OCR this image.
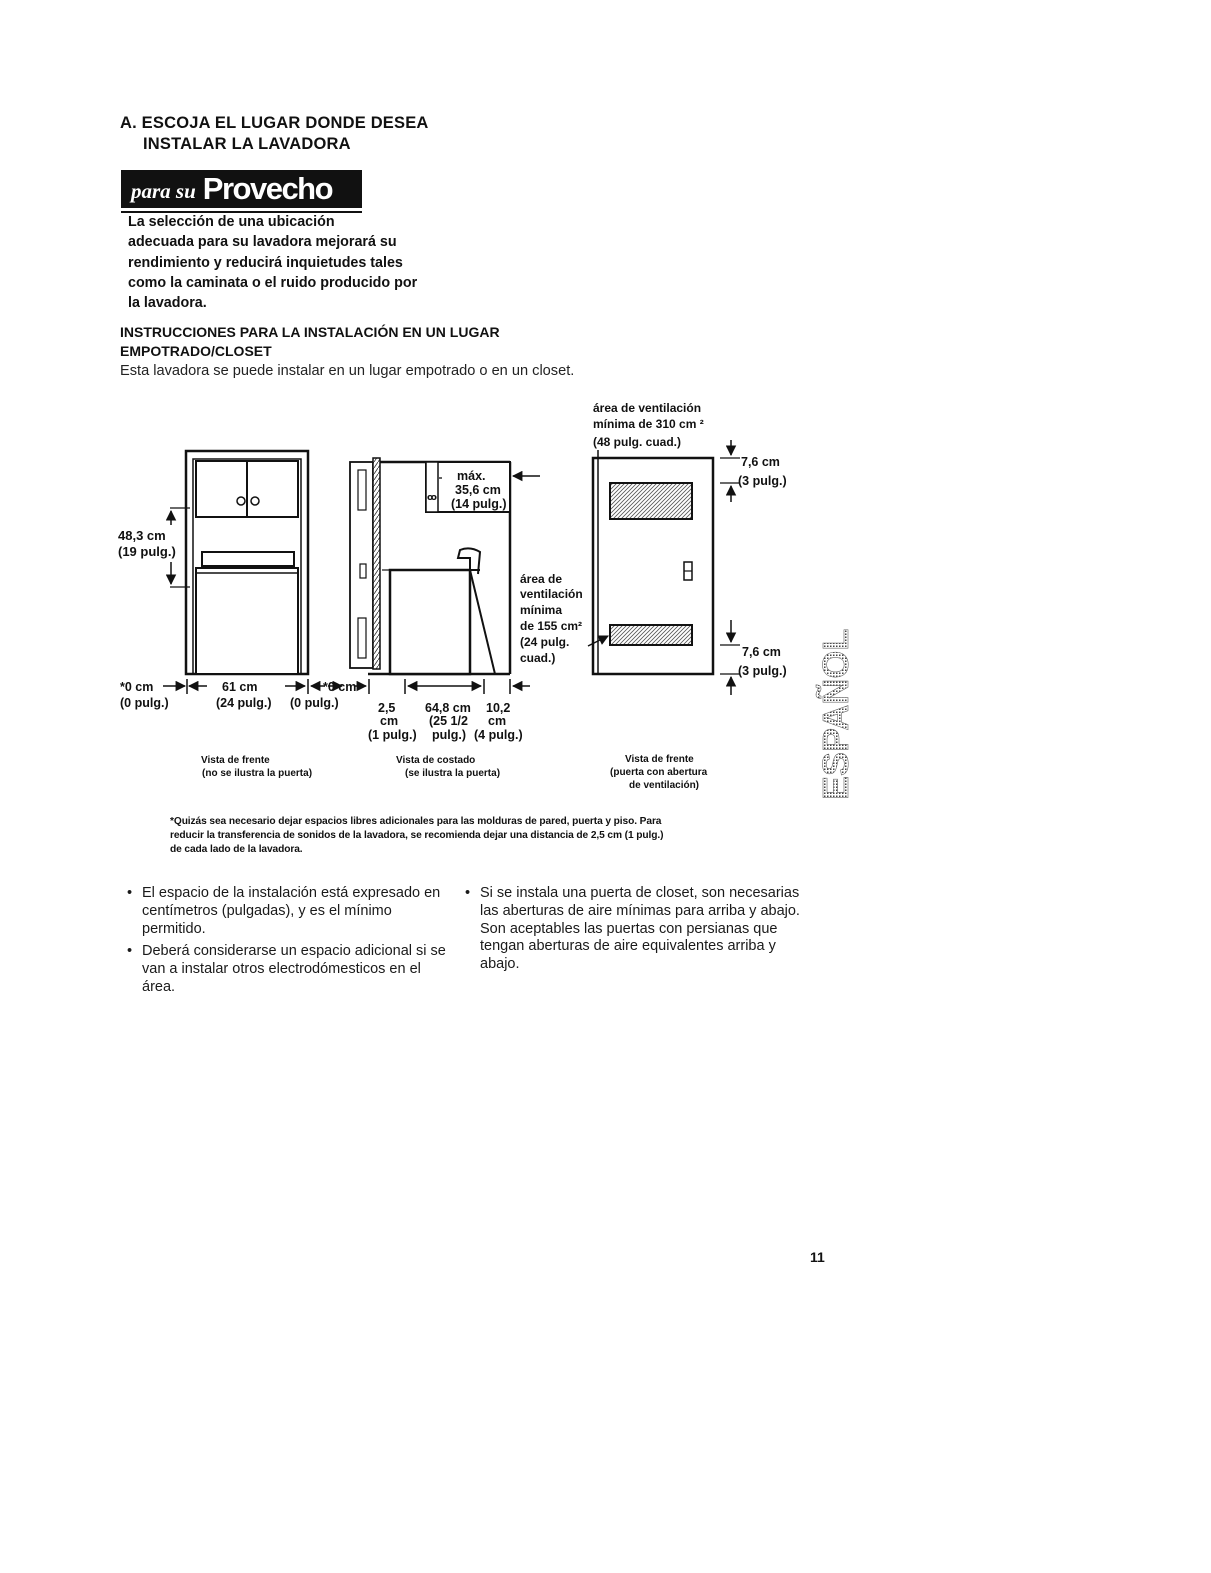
A. ESCOJA EL LUGAR DONDE DESEA
INSTALAR LA LAVADORA
para su Provecho
La selección de una ubicación
adecuada para su lavadora mejorará su
rendimiento y reducirá inquietudes tales
como la caminata o el ruido producido por
la lavadora.
INSTRUCCIONES PARA LA INSTALACIÓN EN UN LUGAR
EMPOTRADO/CLOSET
Esta lavadora se puede instalar en un lugar empotrado o en un closet.
48,3 cm
(19 pulg.)
*0 cm
(0 pulg.)
61 cm
(24 pulg.) (0 pulg.)
Vista de frente
(no se ilustra la puerta)
*0 cm
ꝏ
máx.
35,6 cm
(14 pulg.)
área de
ventilación
mínima
de 155 cm²
(24 pulg.
cuad.)
2,5
cm
(1 pulg.)
64,8 cm
(25 1/2
pulg.)
10,2
cm
(4 pulg.)
Vista de costado
(se ilustra la puerta)
área de ventilación
mínima de 310 cm ²
(48 pulg. cuad.)
7,6 cm
(3 pulg.)
7,6 cm
(3 pulg.)
Vista de frente
(puerta con abertura
de ventilación)	ESPAÑOL
*Quizás sea necesario dejar espacios libres adicionales para las molduras de pared, puerta y piso. Para
reducir la transferencia de sonidos de la lavadora, se recomienda dejar una distancia de 2,5 cm (1 pulg.)
de cada lado de la lavadora.
• El espacio de la instalación está expresado en centímetros (pulgadas), y es el mínimo permitido.
• Deberá considerarse un espacio adicional si se van a instalar otros electrodómesticos en el área.
• Si se instala una puerta de closet, son necesarias las aberturas de aire mínimas para arriba y abajo. Son aceptables las puertas con persianas que tengan aberturas de aire equivalentes arriba y abajo.
11
